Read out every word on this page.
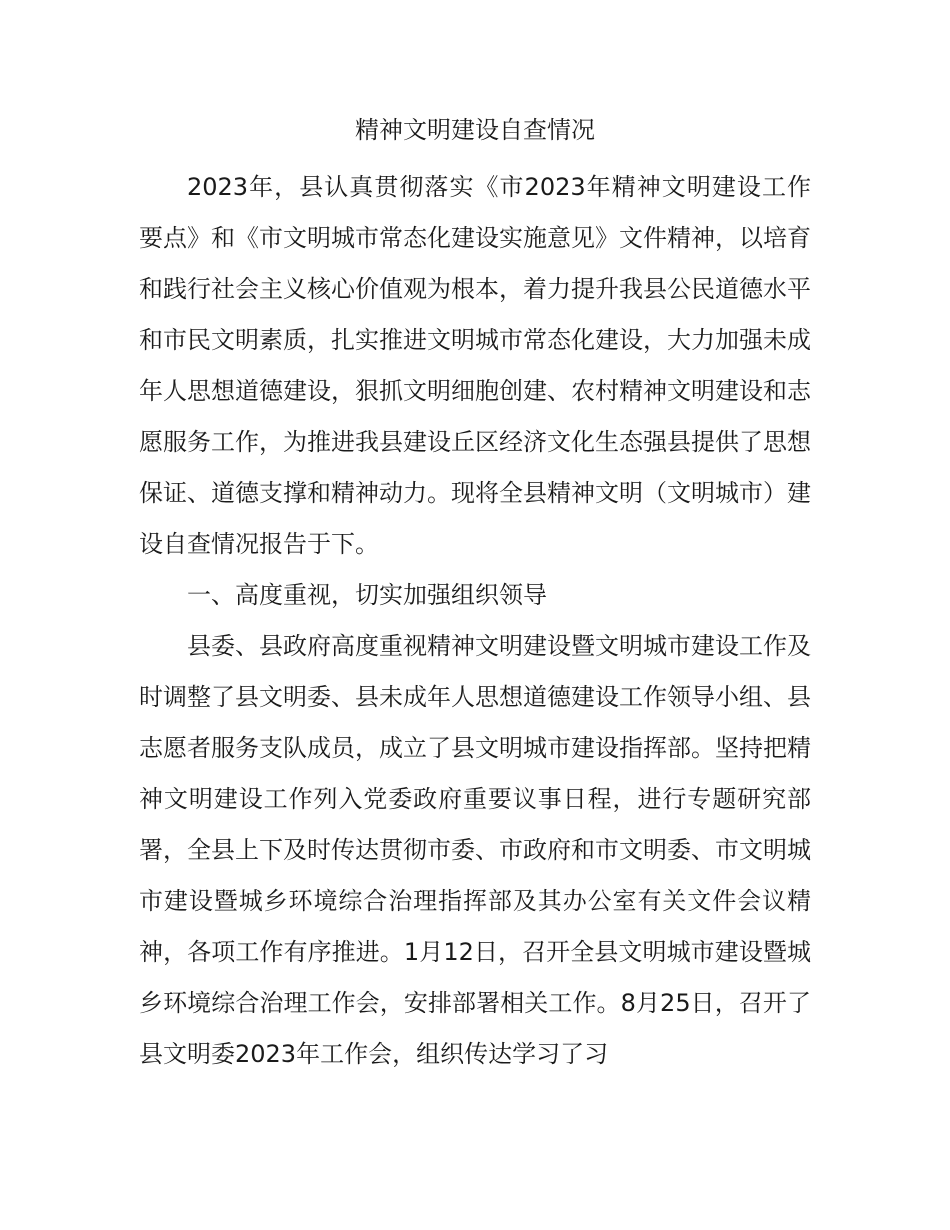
精神文明建设自查情况

2023年，县认真贯彻落实《市2023年精神文明建设工作要点》和《市文明城市常态化建设实施意见》文件精神，以培育和践行社会主义核心价值观为根本，着力提升我县公民道德水平和市民文明素质，扎实推进文明城市常态化建设，大力加强未成年人思想道德建设，狠抓文明细胞创建、农村精神文明建设和志愿服务工作，为推进我县建设丘区经济文化生态强县提供了思想保证、道德支撑和精神动力。现将全县精神文明（文明城市）建设自查情况报告于下。

一、高度重视，切实加强组织领导

县委、县政府高度重视精神文明建设暨文明城市建设工作及时调整了县文明委、县未成年人思想道德建设工作领导小组、县志愿者服务支队成员，成立了县文明城市建设指挥部。坚持把精神文明建设工作列入党委政府重要议事日程，进行专题研究部署，全县上下及时传达贯彻市委、市政府和市文明委、市文明城市建设暨城乡环境综合治理指挥部及其办公室有关文件会议精神，各项工作有序推进。1月12日，召开全县文明城市建设暨城乡环境综合治理工作会，安排部署相关工作。8月25日，召开了县文明委2023年工作会，组织传达学习了习
